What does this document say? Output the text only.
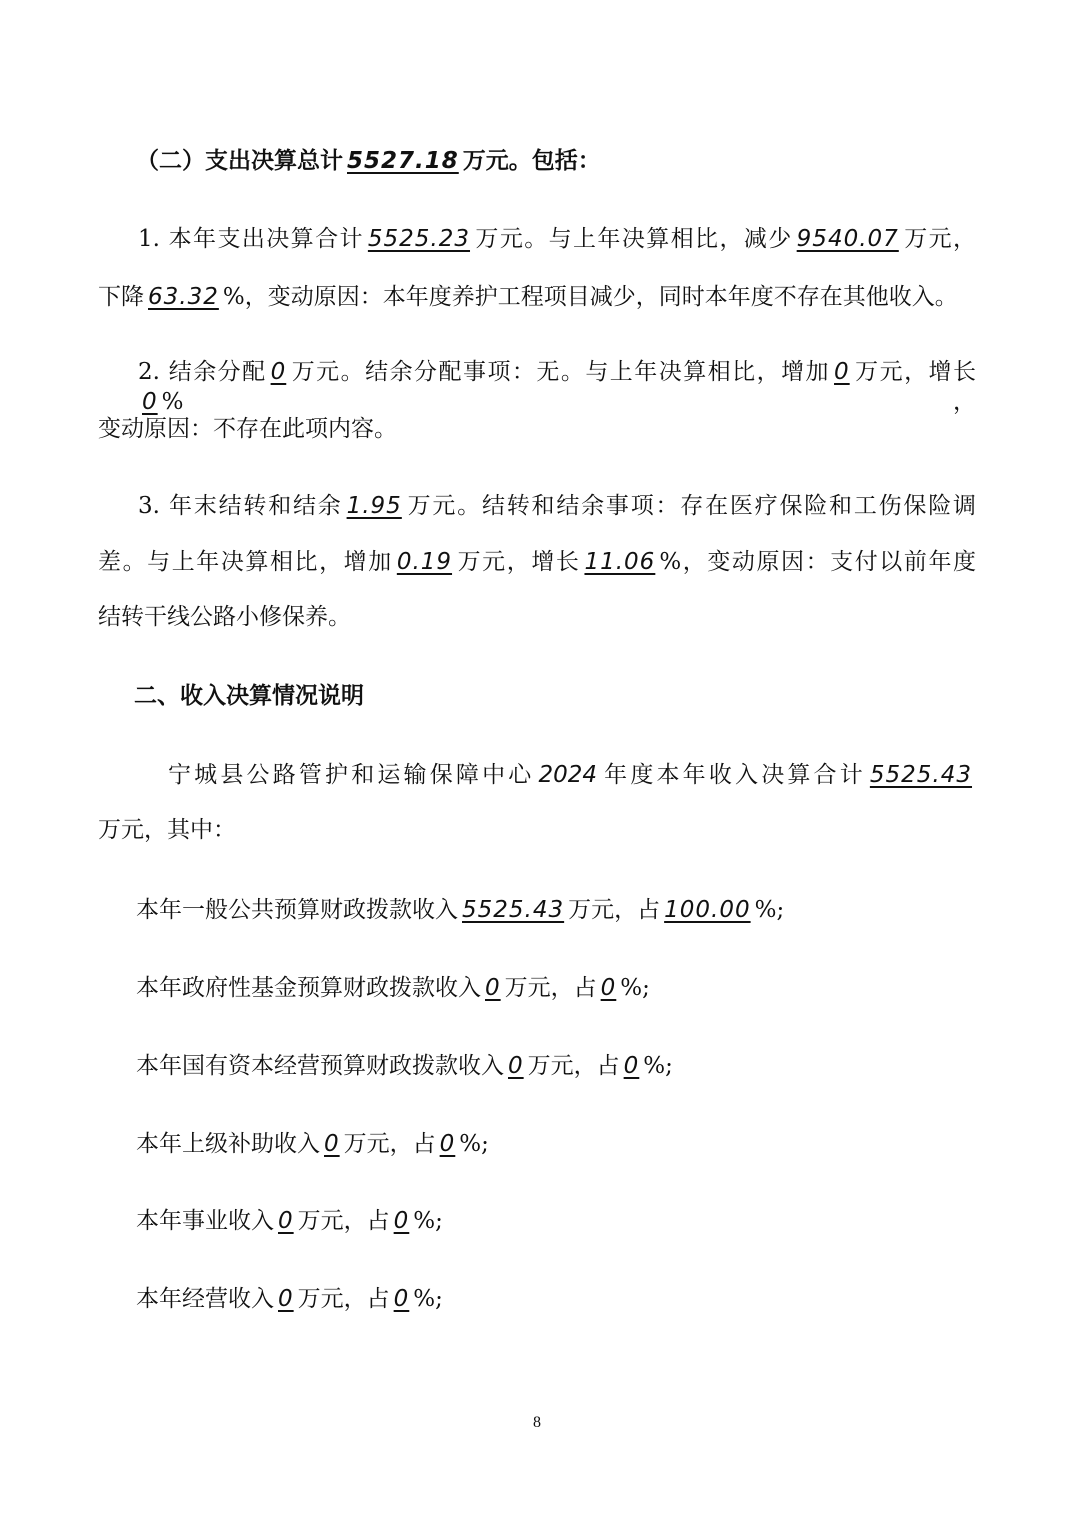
（二）支出决算总计 5527.18 万元。包括：
1. 本年支出决算合计 5525.23 万元。与上年决算相比，减少 9540.07 万元，
下降 63.32 %，变动原因：本年度养护工程项目减少，同时本年度不存在其他收入。
2. 结余分配 0 万元。结余分配事项：无。与上年决算相比，增加 0 万元，增长0 %，
变动原因：不存在此项内容。
3. 年末结转和结余 1.95 万元。结转和结余事项：存在医疗保险和工伤保险调
差。与上年决算相比，增加 0.19 万元，增长 11.06 %，变动原因：支付以前年度
结转干线公路小修保养。
二、收入决算情况说明
宁城县公路管护和运输保障中心 2024 年度本年收入决算合计 5525.43
万元，其中：
本年一般公共预算财政拨款收入 5525.43 万元，占 100.00 %;
本年政府性基金预算财政拨款收入 0 万元，占 0 %;
本年国有资本经营预算财政拨款收入 0 万元，占 0 %;
本年上级补助收入 0 万元，占 0 %;
本年事业收入 0 万元，占 0 %;
本年经营收入 0 万元，占 0 %;
8
